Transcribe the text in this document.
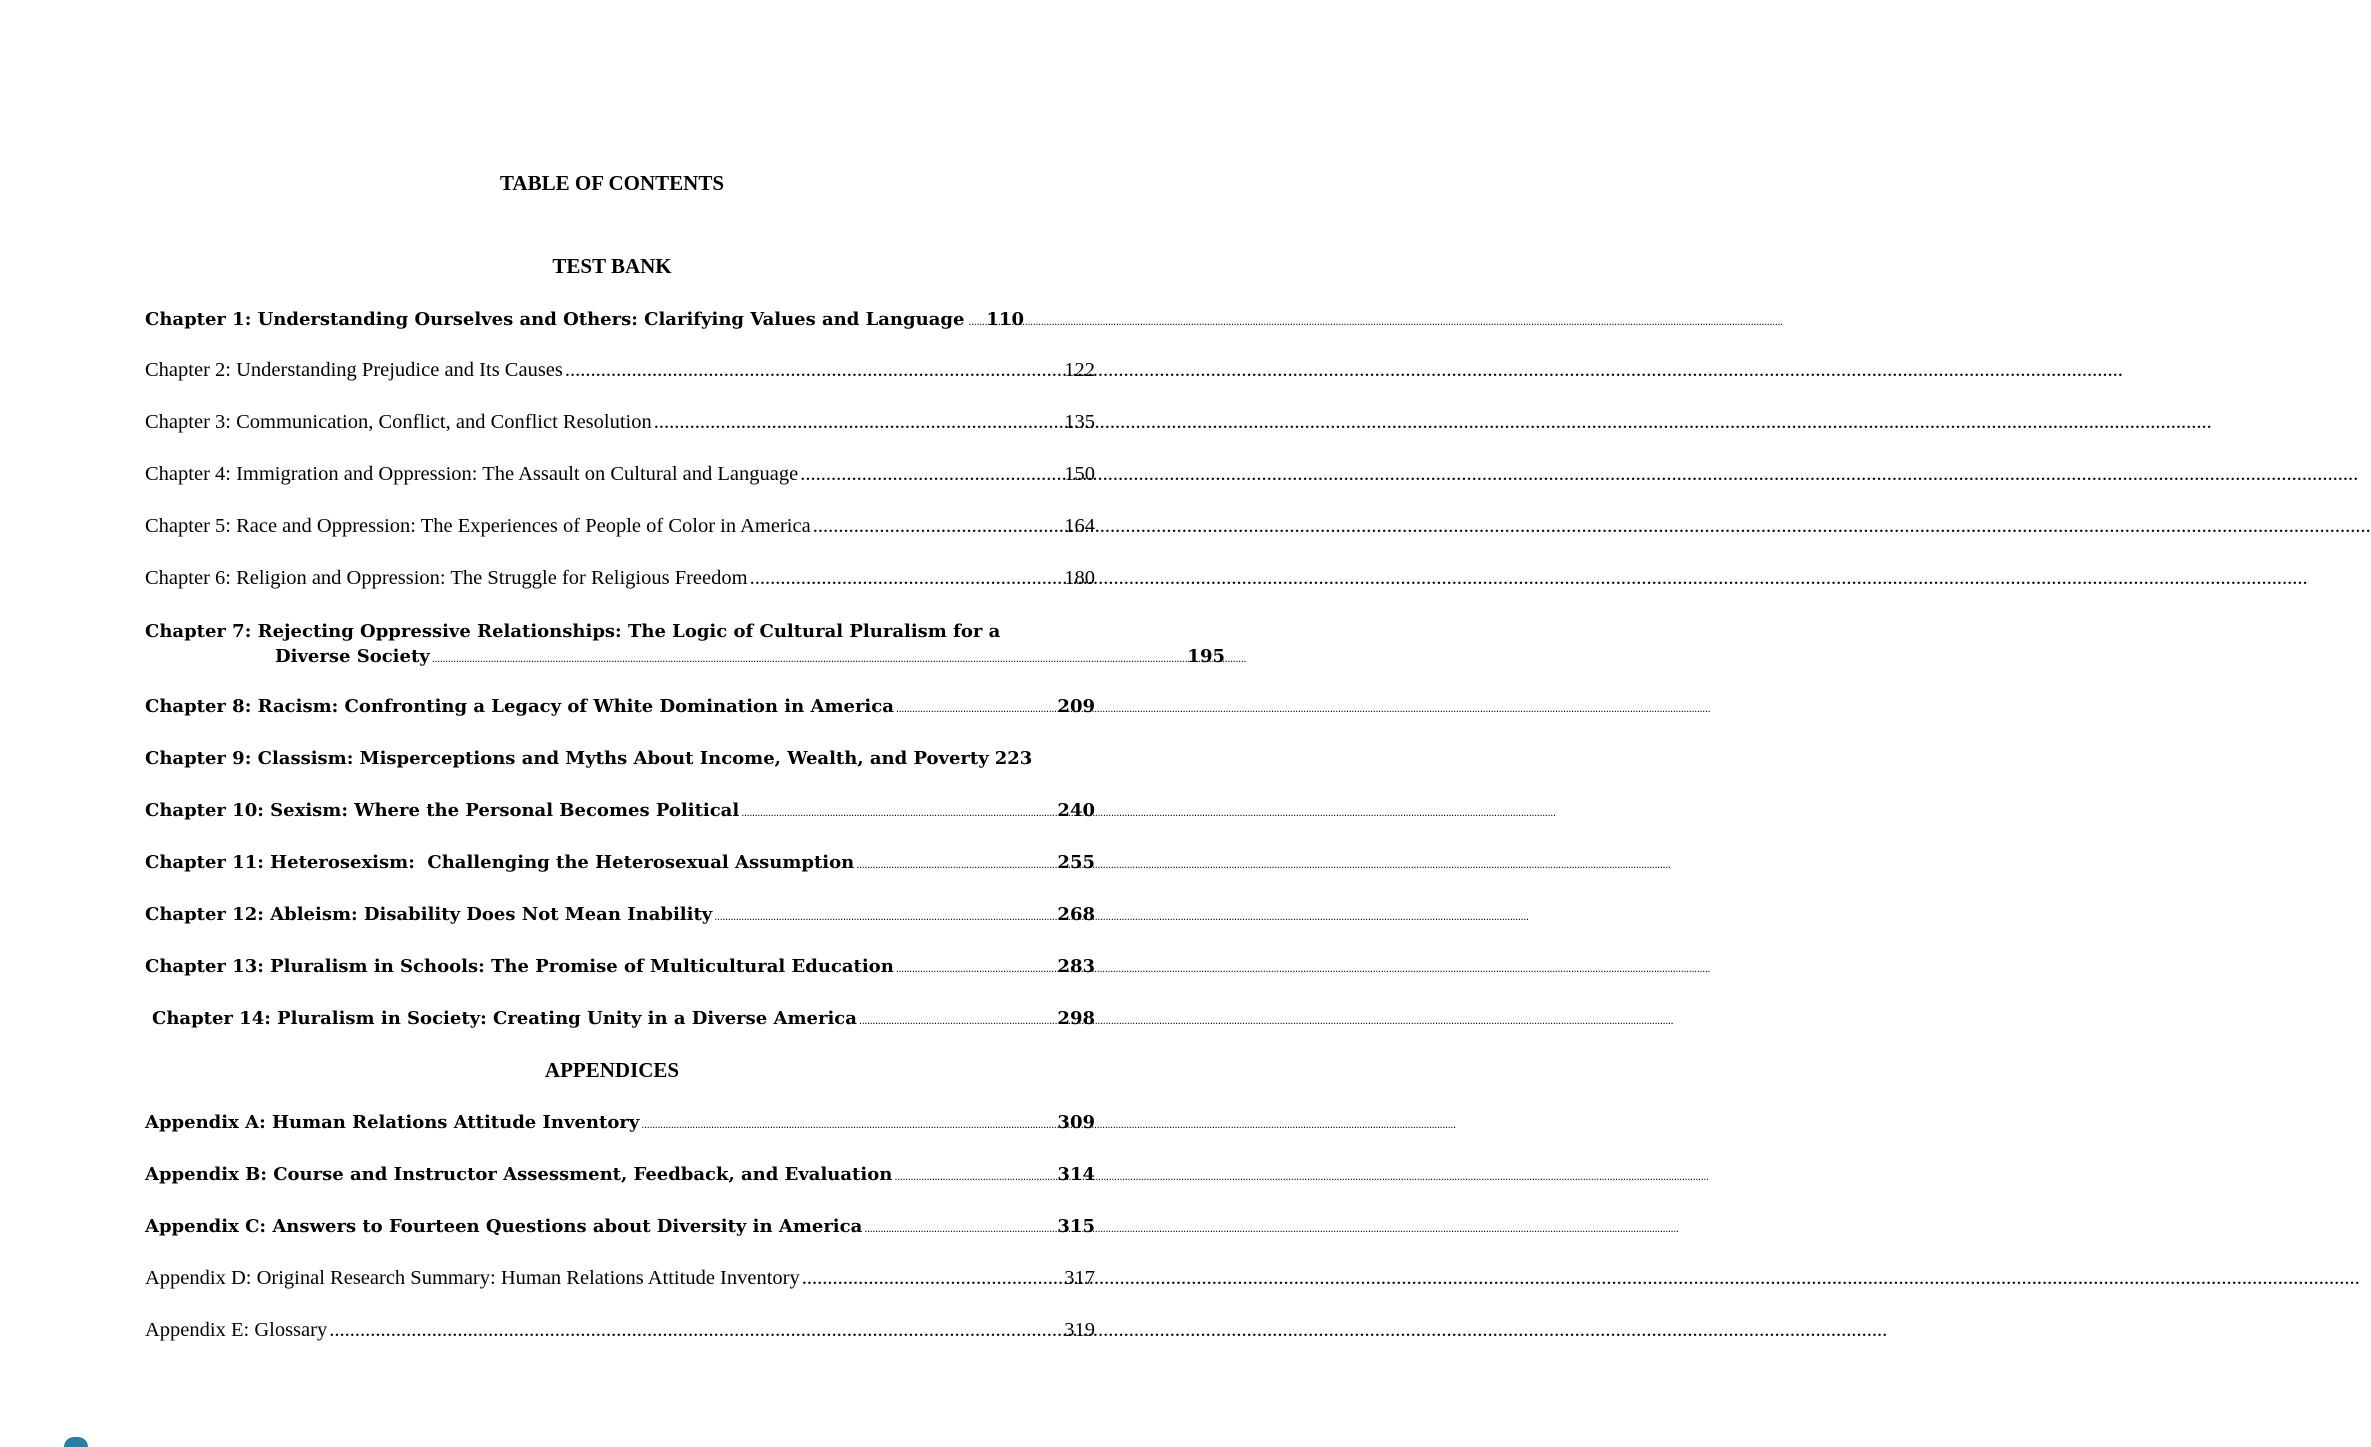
TABLE OF CONTENTS
TEST BANK
Chapter 1: Understanding Ourselves and Others: Clarifying Values and Language ..... 110
Chapter 2: Understanding Prejudice and Its Causes .....	122
Chapter 3: Communication, Conflict, and Conflict Resolution .....	135
Chapter 4: Immigration and Oppression: The Assault on Cultural and Language .....	150
Chapter 5: Race and Oppression: The Experiences of People of Color in America .....	164
Chapter 6: Religion and Oppression: The Struggle for Religious Freedom .....	180
Chapter 7: Rejecting Oppressive Relationships: The Logic of Cultural Pluralism for a
Diverse Society .....	195
Chapter 8: Racism: Confronting a Legacy of White Domination in America .....	209
Chapter 9: Classism: Misperceptions and Myths About Income, Wealth, and Poverty 223
Chapter 10: Sexism: Where the Personal Becomes Political .....	240
Chapter 11: Heterosexism:  Challenging the Heterosexual Assumption .....	255
Chapter 12: Ableism: Disability Does Not Mean Inability .....	268
Chapter 13: Pluralism in Schools: The Promise of Multicultural Education .....	283
Chapter 14: Pluralism in Society: Creating Unity in a Diverse America .....	298
APPENDICES
Appendix A: Human Relations Attitude Inventory .....	309
Appendix B: Course and Instructor Assessment, Feedback, and Evaluation .....	314
Appendix C: Answers to Fourteen Questions about Diversity in America .....	315
Appendix D: Original Research Summary: Human Relations Attitude Inventory .....	317
Appendix E: Glossary .....	319
